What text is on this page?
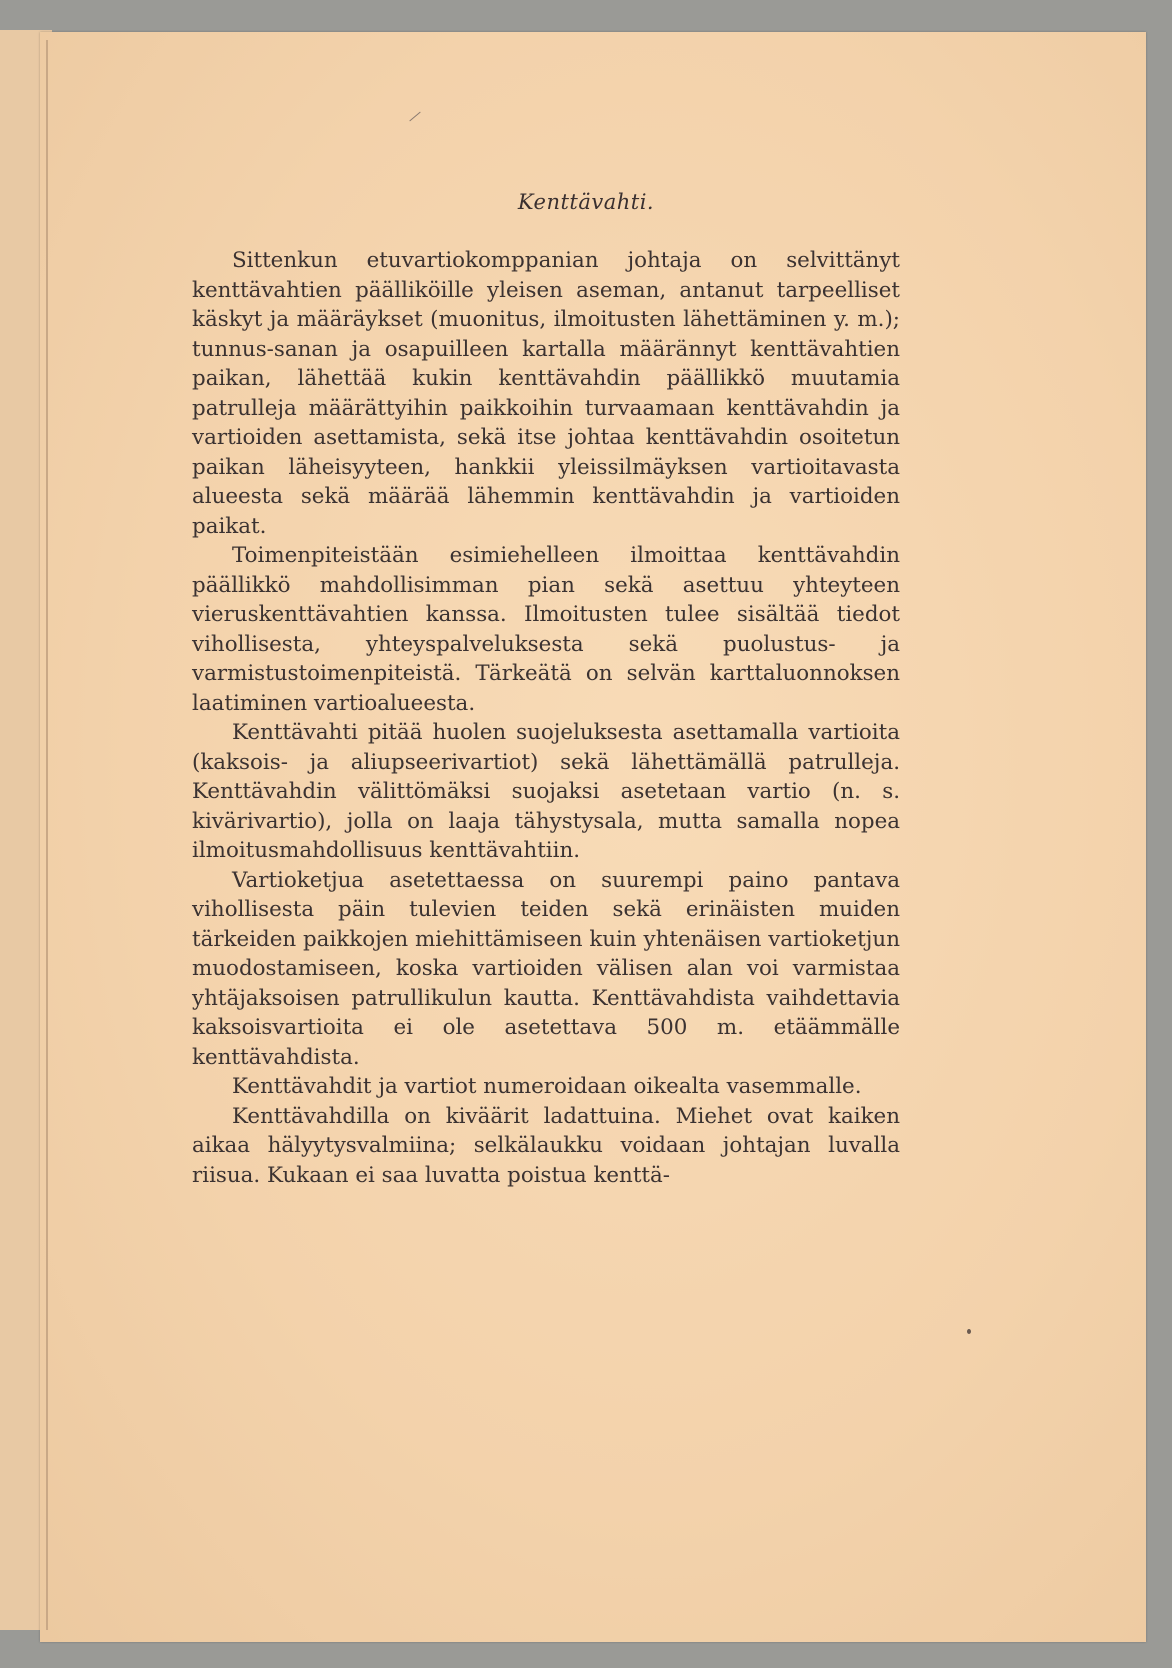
Kenttävahti.

Sittenkun etuvartiokomppanian johtaja on selvittänyt kenttävahtien päälliköille yleisen aseman, antanut tarpeelliset käskyt ja määräykset (muonitus, ilmoitusten lähettäminen y. m.); tunnus-sanan ja osapuilleen kartalla määrännyt kenttävahtien paikan, lähettää kukin kenttävahdin päällikkö muutamia patrulleja määrättyihin paikkoihin turvaamaan kenttävahdin ja vartioiden asettamista, sekä itse johtaa kenttävahdin osoitetun paikan läheisyyteen, hankkii yleissilmäyksen vartioitavasta alueesta sekä määrää lähemmin kenttävahdin ja vartioiden paikat.

Toimenpiteistään esimiehelleen ilmoittaa kenttävahdin päällikkö mahdollisimman pian sekä asettuu yhteyteen vieruskenttävahtien kanssa. Ilmoitusten tulee sisältää tiedot vihollisesta, yhteyspalveluksesta sekä puolustus- ja varmistustoimenpiteistä. Tärkeätä on selvän karttaluonnoksen laatiminen vartioalueesta.

Kenttävahti pitää huolen suojeluksesta asettamalla vartioita (kaksois- ja aliupseerivartiot) sekä lähettämällä patrulleja. Kenttävahdin välittömäksi suojaksi asetetaan vartio (n. s. kivärivartio), jolla on laaja tähystysala, mutta samalla nopea ilmoitusmahdollisuus kenttävahtiin.

Vartioketjua asetettaessa on suurempi paino pantava vihollisesta päin tulevien teiden sekä erinäisten muiden tärkeiden paikkojen miehittämiseen kuin yhtenäisen vartioketjun muodostamiseen, koska vartioiden välisen alan voi varmistaa yhtäjaksoisen patrullikulun kautta. Kenttävahdista vaihdettavia kaksoisvartioita ei ole asetettava 500 m. etäämmälle kenttävahdista.

Kenttävahdit ja vartiot numeroidaan oikealta vasemmalle.

Kenttävahdilla on kiväärit ladattuina. Miehet ovat kaiken aikaa hälyytysvalmiina; selkälaukku voidaan johtajan luvalla riisua. Kukaan ei saa luvatta poistua kenttä-
